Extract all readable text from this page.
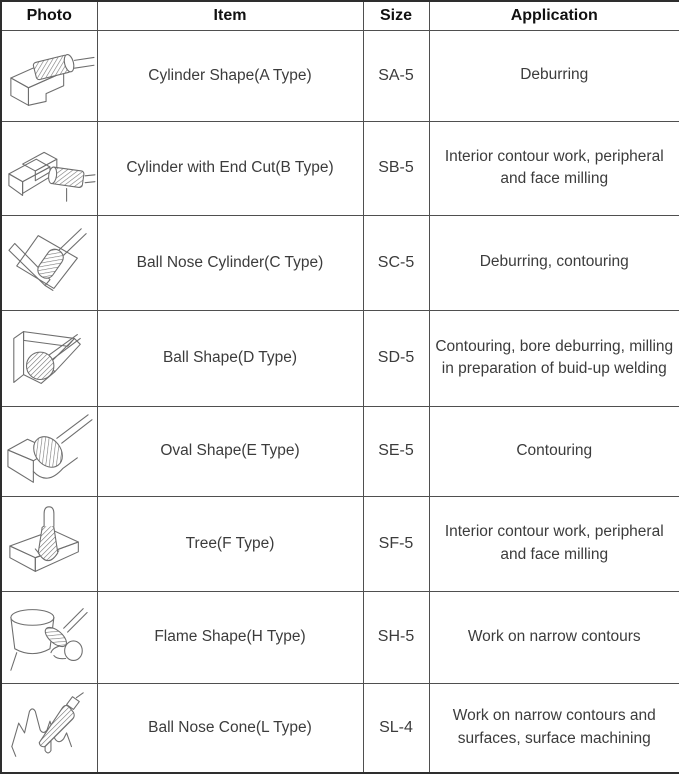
Photo	Item	Size	Application

	Cylinder Shape(A Type)	SA-5	Deburring

	Cylinder with End Cut(B Type)	SB-5	Interior contour work, peripheral and face milling

	Ball Nose Cylinder(C Type)	SC-5	Deburring, contouring

	Ball Shape(D Type)	SD-5	Contouring, bore deburring, milling in preparation of buid-up welding

	Oval Shape(E Type)	SE-5	Contouring

	Tree(F Type)	SF-5	Interior contour work, peripheral and face milling

	Flame Shape(H Type)	SH-5	Work on narrow contours

	Ball Nose Cone(L Type)	SL-4	Work on narrow contours and surfaces, surface machining
